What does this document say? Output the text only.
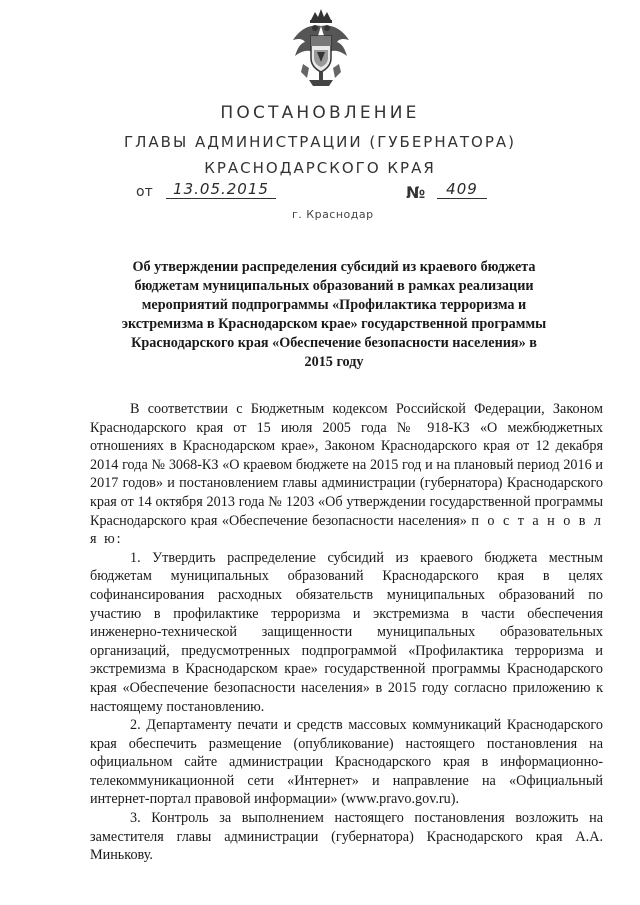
ПОСТАНОВЛЕНИЕ
ГЛАВЫ АДМИНИСТРАЦИИ (ГУБЕРНАТОРА)
КРАСНОДАРСКОГО КРАЯ
от	13.05.2015	№	409
г. Краснодар
Об утверждении распределения субсидий из краевого бюджета бюджетам муниципальных образований в рамках реализации мероприятий подпрограммы «Профилактика терроризма и экстремизма в Краснодарском крае» государственной программы Краснодарского края «Обеспечение безопасности населения» в 2015 году

В соответствии с Бюджетным кодексом Российской Федерации, Законом Краснодарского края от 15 июля 2005 года № 918-КЗ «О межбюджетных отношениях в Краснодарском крае», Законом Краснодарского края от 12 декабря 2014 года № 3068-КЗ «О краевом бюджете на 2015 год и на плановый период 2016 и 2017 годов» и постановлением главы администрации (губернатора) Краснодарского края от 14 октября 2013 года № 1203 «Об утверждении государственной программы Краснодарского края «Обеспечение безопасности населения» п о с т а н о в л я ю:

1. Утвердить распределение субсидий из краевого бюджета местным бюджетам муниципальных образований Краснодарского края в целях софинансирования расходных обязательств муниципальных образований по участию в профилактике терроризма и экстремизма в части обеспечения инженерно-технической защищенности муниципальных образовательных организаций, предусмотренных подпрограммой «Профилактика терроризма и экстремизма в Краснодарском крае» государственной программы Краснодарского края «Обеспечение безопасности населения» в 2015 году согласно приложению к настоящему постановлению.

2. Департаменту печати и средств массовых коммуникаций Краснодарского края обеспечить размещение (опубликование) настоящего постановления на официальном сайте администрации Краснодарского края в информационно-телекоммуникационной сети «Интернет» и направление на «Официальный интернет-портал правовой информации» (www.pravo.gov.ru).

3. Контроль за выполнением настоящего постановления возложить на заместителя главы администрации (губернатора) Краснодарского края А.А. Минькову.
